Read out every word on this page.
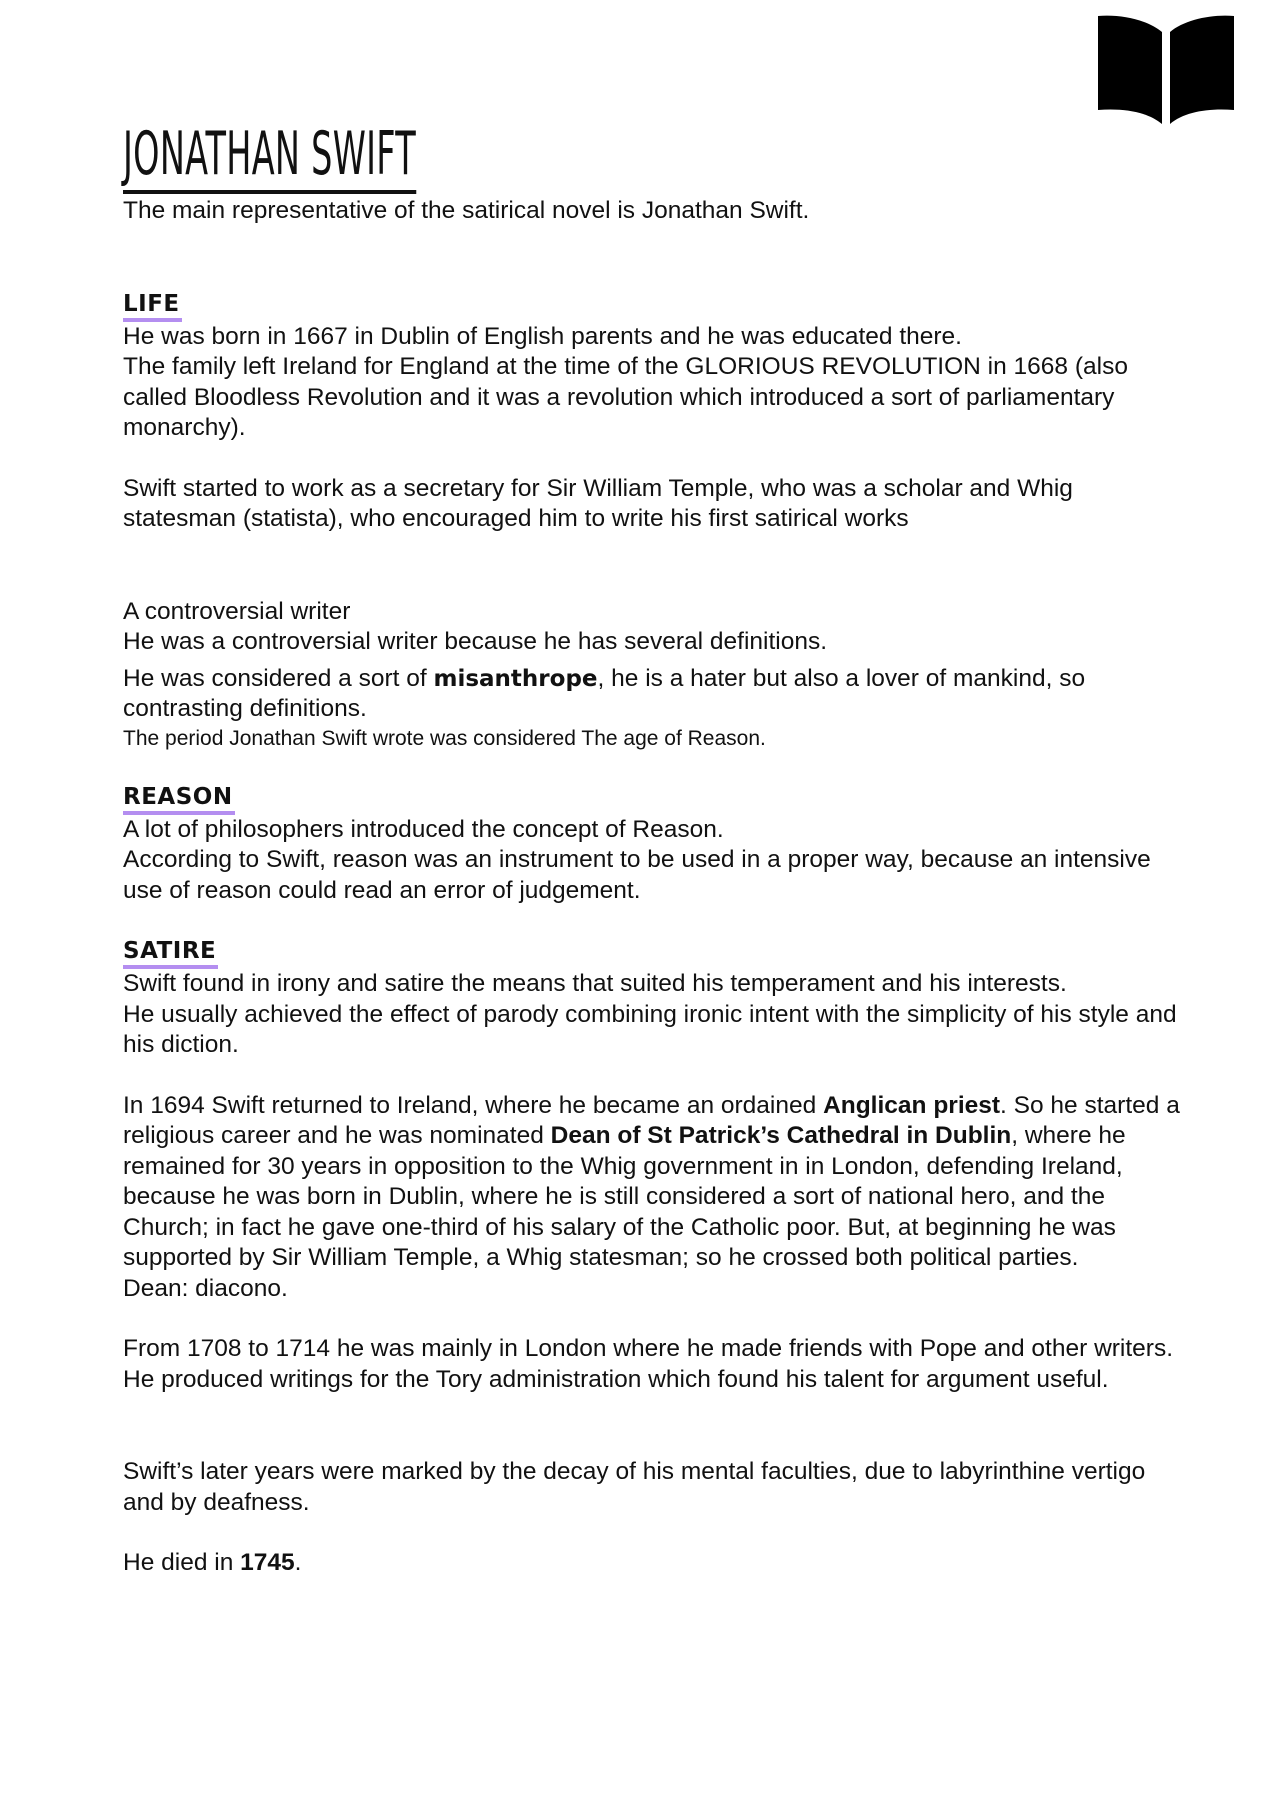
JONATHAN SWIFT

The main representative of the satirical novel is Jonathan Swift.

LIFE

He was born in 1667 in Dublin of English parents and he was educated there.
The family left Ireland for England at the time of the GLORIOUS REVOLUTION in 1668 (also called Bloodless Revolution and it was a revolution which introduced a sort of parliamentary monarchy).

Swift started to work as a secretary for Sir William Temple, who was a scholar and Whig statesman (statista), who encouraged him to write his first satirical works

A controversial writer

He was a controversial writer because he has several definitions.

He was considered a sort of misanthrope, he is a hater but also a lover of mankind, so contrasting definitions.

The period Jonathan Swift wrote was considered The age of Reason.

REASON

A lot of philosophers introduced the concept of Reason.

According to Swift, reason was an instrument to be used in a proper way, because an intensive use of reason could read an error of judgement.

SATIRE

Swift found in irony and satire the means that suited his temperament and his interests.

He usually achieved the effect of parody combining ironic intent with the simplicity of his style and his diction.

In 1694 Swift returned to Ireland, where he became an ordained Anglican priest. So he started a religious career and he was nominated Dean of St Patrick’s Cathedral in Dublin, where he remained for 30 years in opposition to the Whig government in in London, defending Ireland, because he was born in Dublin, where he is still considered a sort of national hero, and the Church; in fact he gave one-third of his salary of the Catholic poor. But, at beginning he was supported by Sir William Temple, a Whig statesman; so he crossed both political parties.

Dean: diacono.

From 1708 to 1714 he was mainly in London where he made friends with Pope and other writers.

He produced writings for the Tory administration which found his talent for argument useful.

Swift’s later years were marked by the decay of his mental faculties, due to labyrinthine vertigo and by deafness.

He died in 1745.
